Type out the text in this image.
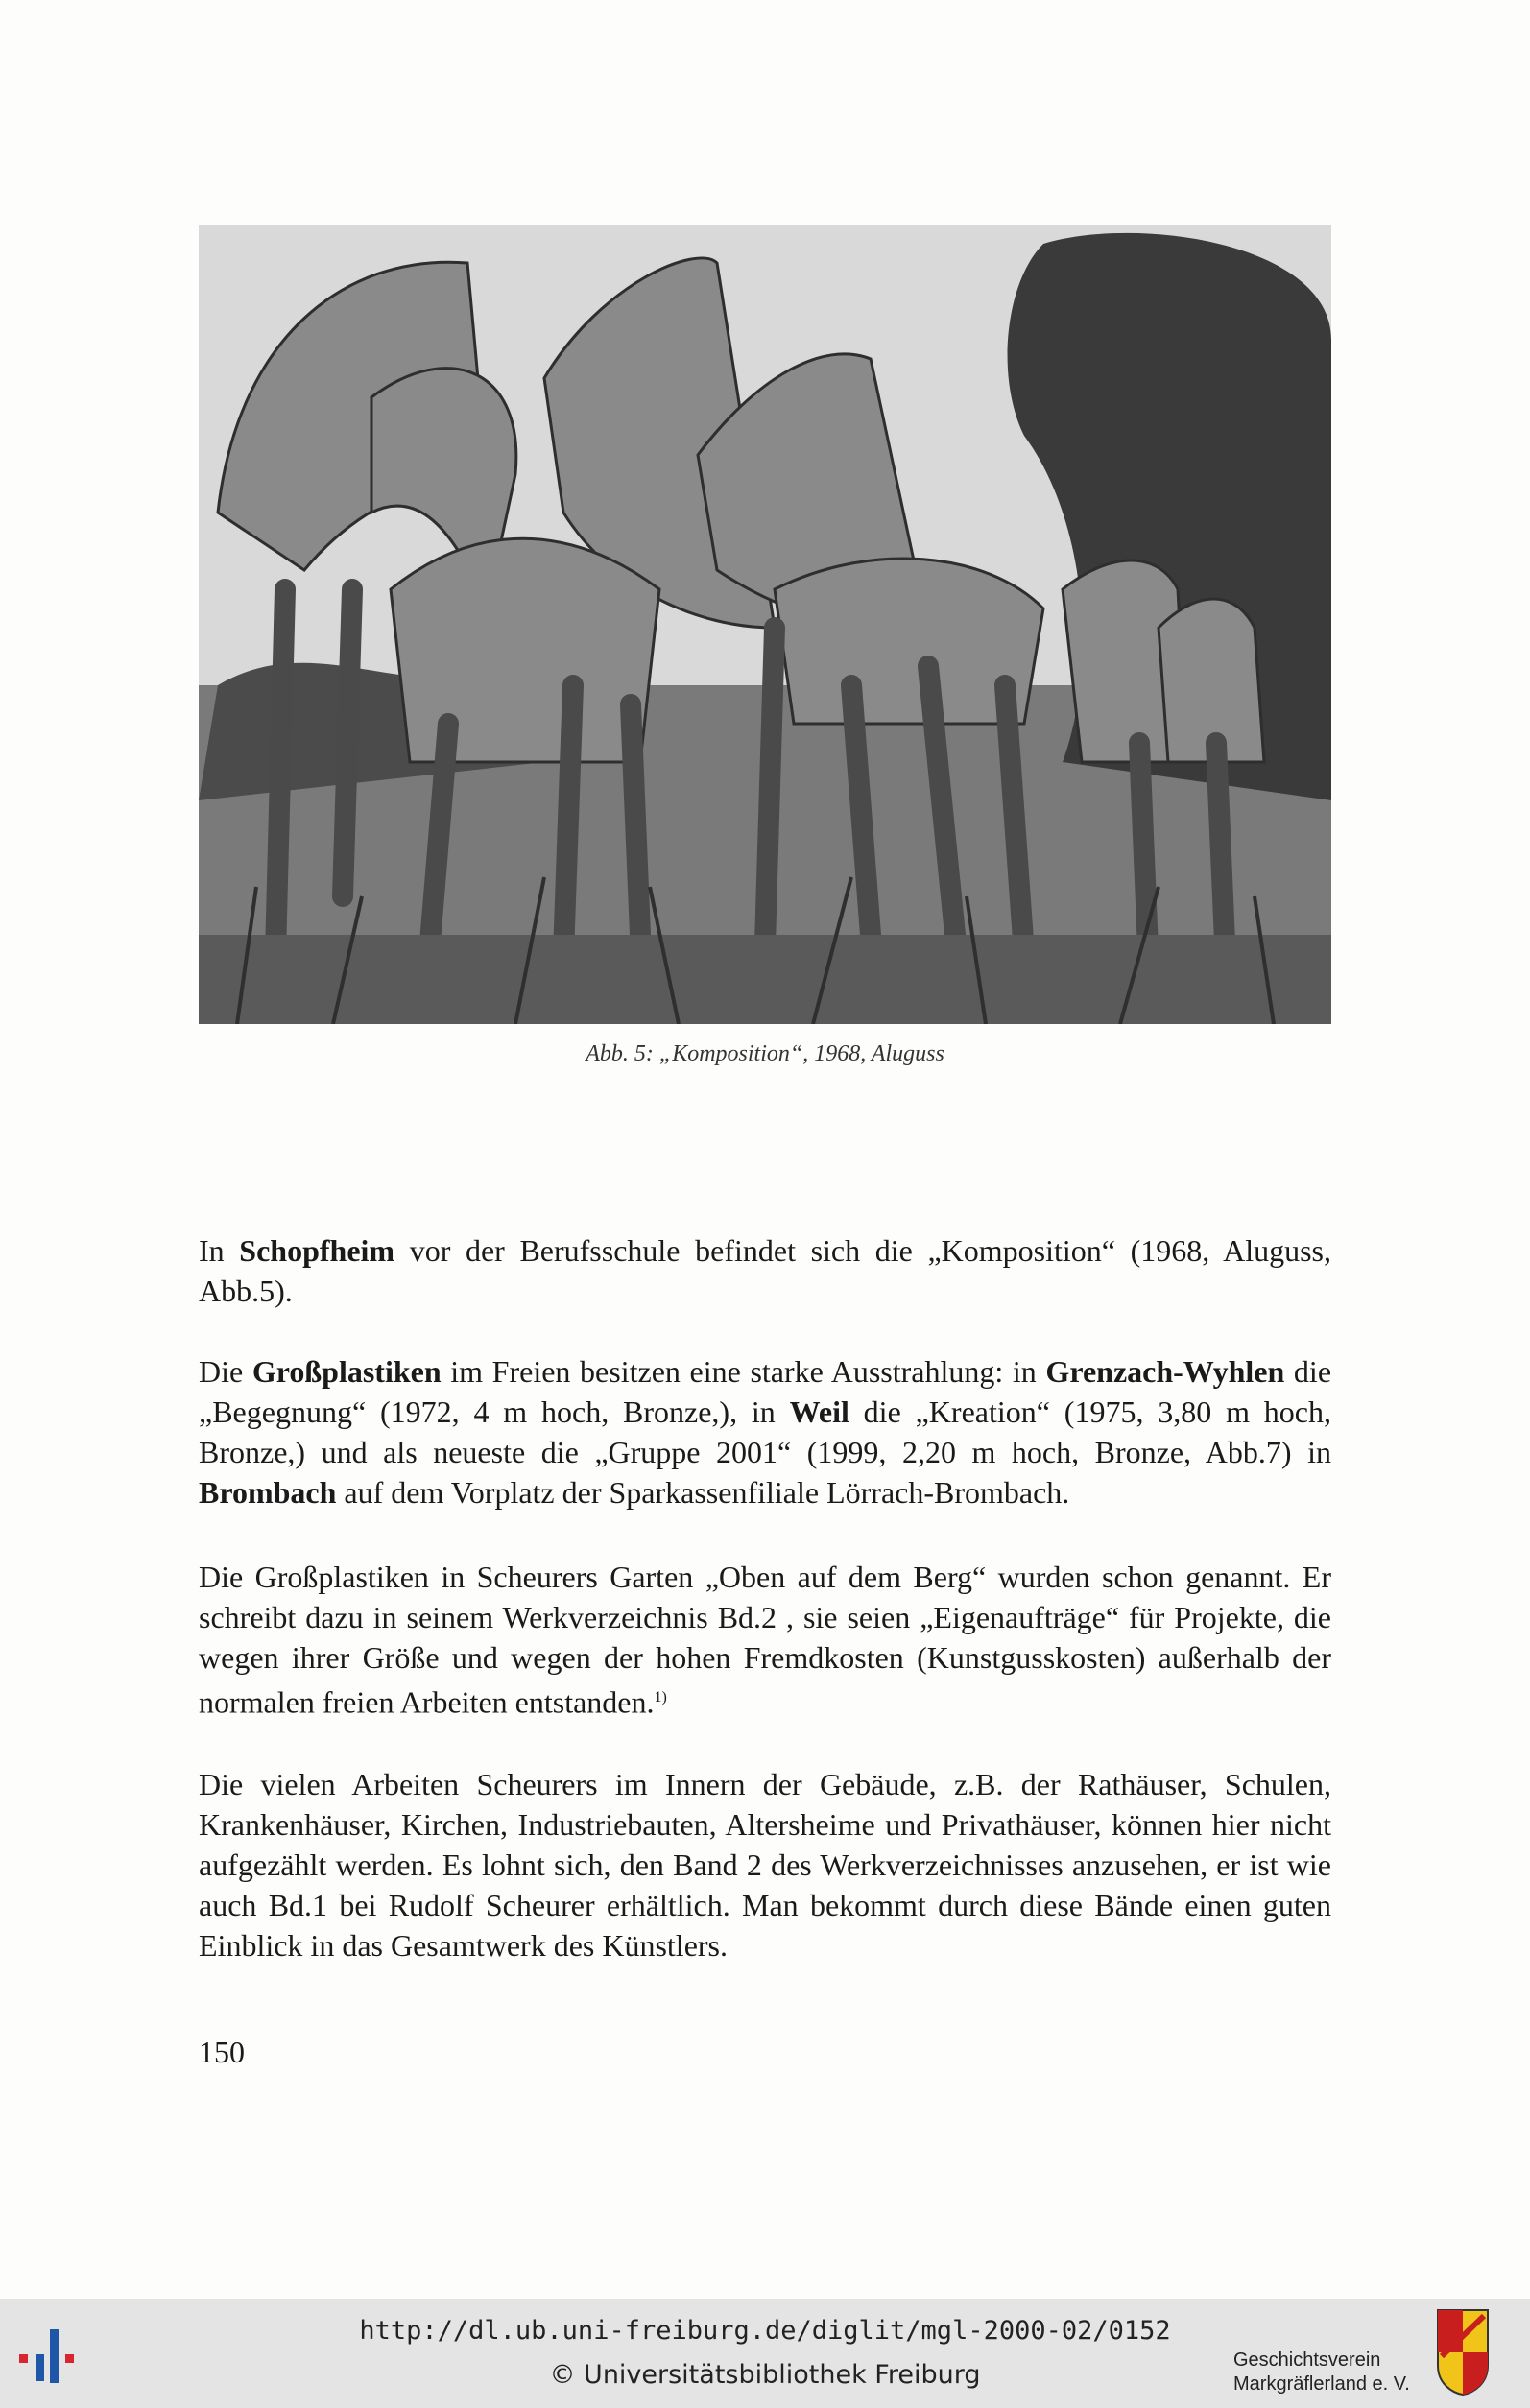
Abb. 5: „Komposition“, 1968, Aluguss

In Schopfheim vor der Berufsschule befindet sich die „Komposition“ (1968, Aluguss, Abb.5).

Die Großplastiken im Freien besitzen eine starke Ausstrahlung: in Grenzach-Wyhlen die „Begegnung“ (1972, 4 m hoch, Bronze,), in Weil die „Kreation“ (1975, 3,80 m hoch, Bronze,) und als neueste die „Gruppe 2001“ (1999, 2,20 m hoch, Bronze, Abb.7) in Brombach auf dem Vorplatz der Sparkassenfiliale Lörrach-Brombach.

Die Großplastiken in Scheurers Garten „Oben auf dem Berg“ wurden schon genannt. Er schreibt dazu in seinem Werkverzeichnis Bd.2 , sie seien „Eigenaufträge“ für Projekte, die wegen ihrer Größe und wegen der hohen Fremdkosten (Kunstgusskosten) außerhalb der normalen freien Arbeiten entstanden.$^{1)}$

Die vielen Arbeiten Scheurers im Innern der Gebäude, z.B. der Rathäuser, Schulen, Krankenhäuser, Kirchen, Industriebauten, Altersheime und Privathäuser, können hier nicht aufgezählt werden. Es lohnt sich, den Band 2 des Werkverzeichnisses anzusehen, er ist wie auch Bd.1 bei Rudolf Scheurer erhältlich. Man bekommt durch diese Bände einen guten Einblick in das Gesamtwerk des Künstlers.

150
http://dl.ub.uni-freiburg.de/diglit/mgl-2000-02/0152
© Universitätsbibliothek Freiburg	Geschichtsverein
Markgräflerland e. V.
